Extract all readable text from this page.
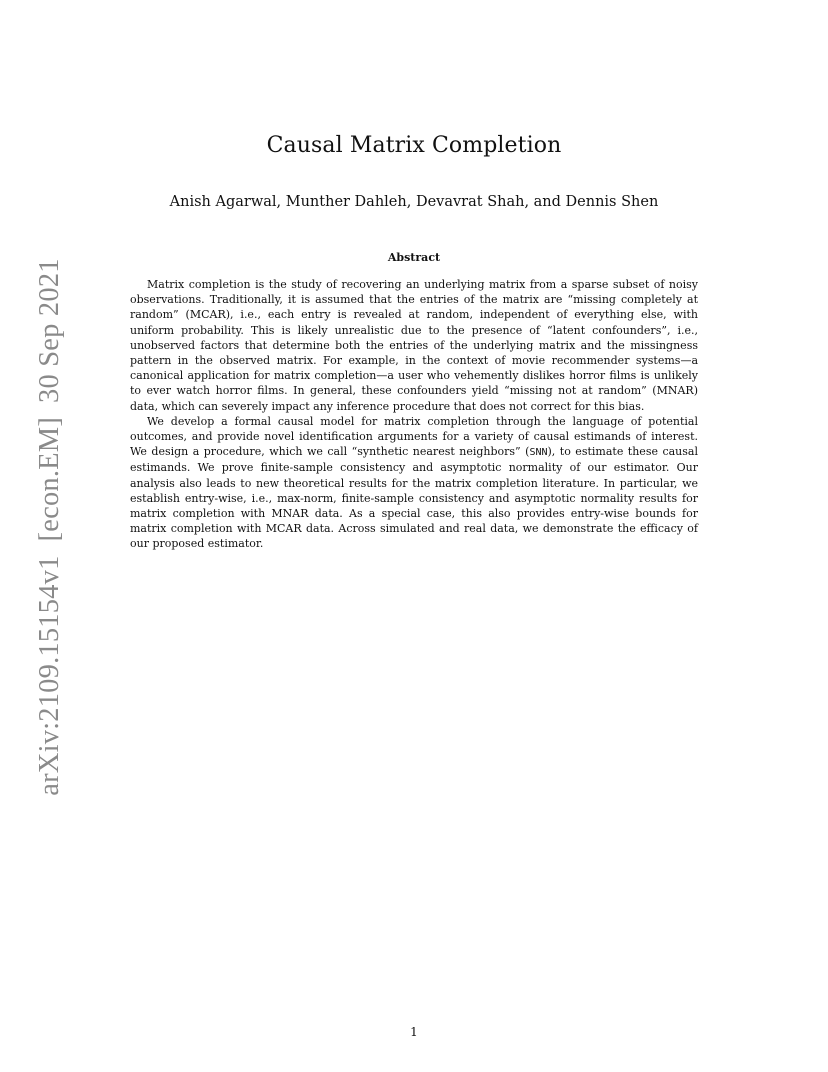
arXiv:2109.15154v1[econ.EM]30 Sep 2021
Causal Matrix Completion
Anish Agarwal, Munther Dahleh, Devavrat Shah, and Dennis Shen
Abstract

Matrix completion is the study of recovering an underlying matrix from a sparse subset of noisy observations. Traditionally, it is assumed that the entries of the matrix are “missing completely at random” (MCAR), i.e., each entry is revealed at random, independent of everything else, with uniform probability. This is likely unrealistic due to the presence of “latent confounders”, i.e., unobserved factors that determine both the entries of the underlying matrix and the missingness pattern in the observed matrix. For example, in the context of movie recommender systems—a canonical application for matrix completion—a user who vehemently dislikes horror films is unlikely to ever watch horror films. In general, these confounders yield “missing not at random” (MNAR) data, which can severely impact any inference procedure that does not correct for this bias.

We develop a formal causal model for matrix completion through the language of potential outcomes, and provide novel identification arguments for a variety of causal estimands of interest. We design a procedure, which we call “synthetic nearest neighbors” (SNN), to estimate these causal estimands. We prove finite-sample consistency and asymptotic normality of our estimator. Our analysis also leads to new theoretical results for the matrix completion literature. In particular, we establish entry-wise, i.e., max-norm, finite-sample consistency and asymptotic normality results for matrix completion with MNAR data. As a special case, this also provides entry-wise bounds for matrix completion with MCAR data. Across simulated and real data, we demonstrate the efficacy of our proposed estimator.

1
